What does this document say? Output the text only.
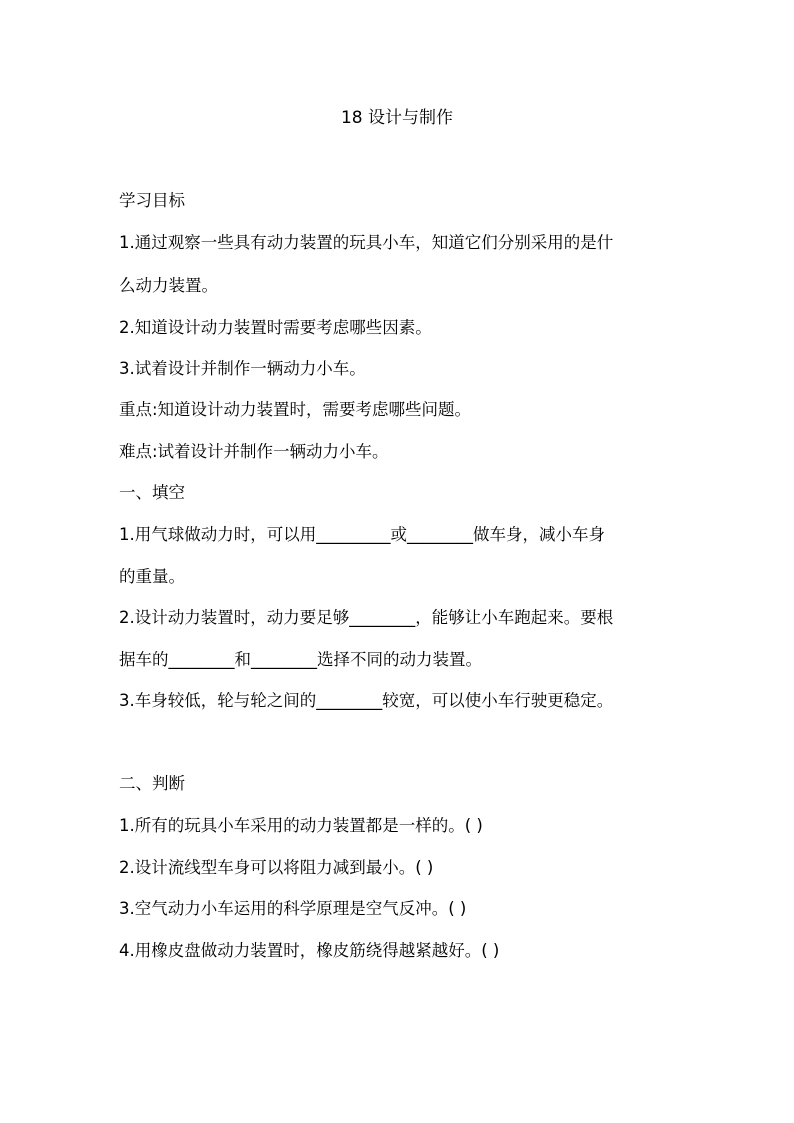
18 设计与制作
学习目标
1.通过观察一些具有动力装置的玩具小车，知道它们分别采用的是什
么动力装置。
2.知道设计动力装置时需要考虑哪些因素。
3.试着设计并制作一辆动力小车。
重点:知道设计动力装置时，需要考虑哪些问题。
难点:试着设计并制作一辆动力小车。
一、填空
1.用气球做动力时，可以用_________或________做车身，减小车身
的重量。
2.设计动力装置时，动力要足够________，能够让小车跑起来。要根
据车的________和________选择不同的动力装置。
3.车身较低，轮与轮之间的________较宽，可以使小车行驶更稳定。
二、判断
1.所有的玩具小车采用的动力装置都是一样的。( )
2.设计流线型车身可以将阻力减到最小。( )
3.空气动力小车运用的科学原理是空气反冲。( )
4.用橡皮盘做动力装置时，橡皮筋绕得越紧越好。( )
